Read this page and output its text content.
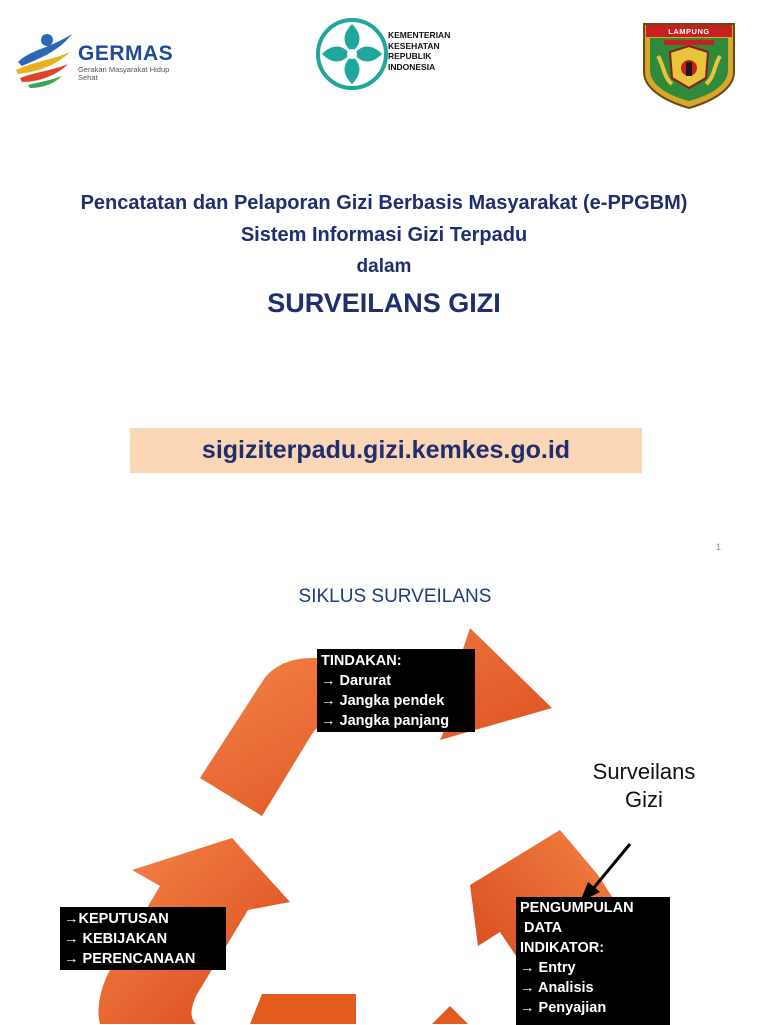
GERMAS
Gerakan Masyarakat Hidup Sehat
KEMENTERIAN
KESEHATAN
REPUBLIK
INDONESIA
LAMPUNG
Pencatatan dan Pelaporan Gizi Berbasis Masyarakat (e-PPGBM)
Sistem Informasi Gizi Terpadu
dalam
SURVEILANS GIZI
sigiziterpadu.gizi.kemkes.go.id
1
SIKLUS SURVEILANS
TINDAKAN:
→ Darurat
→ Jangka pendek
→ Jangka panjang
→KEPUTUSAN
→ KEBIJAKAN
→ PERENCANAAN
PENGUMPULAN
DATA
INDIKATOR:
→ Entry
→ Analisis
→ Penyajian
Surveilans
Gizi
